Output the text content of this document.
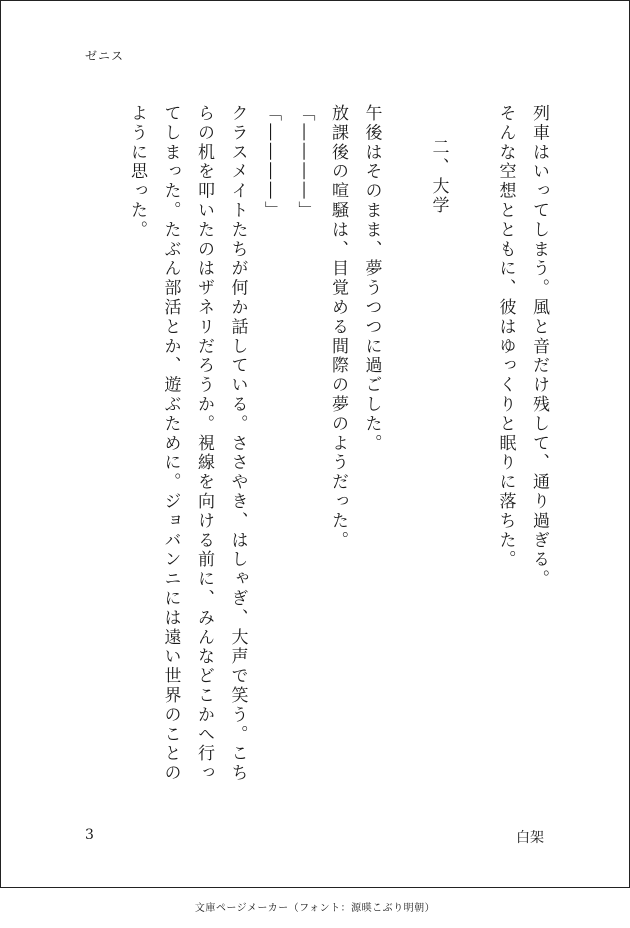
ゼニス

列車はいってしまう。風と音だけ残して、通り過ぎる。

そんな空想とともに、彼はゆっくりと眠りに落ちた。

二、大学

午後はそのまま、夢うつつに過ごした。

放課後の喧騒は、目覚める間際の夢のようだった。

「――――」

「――――」

クラスメイトたちが何か話している。ささやき、はしゃぎ、大声で笑う。こちらの机を叩いたのはザネリだろうか。視線を向ける前に、みんなどこかへ行ってしまった。たぶん部活とか、遊ぶために。ジョバンニには遠い世界のことのように思った。

3	白架
文庫ページメーカー（フォント：源暎こぶり明朝）
